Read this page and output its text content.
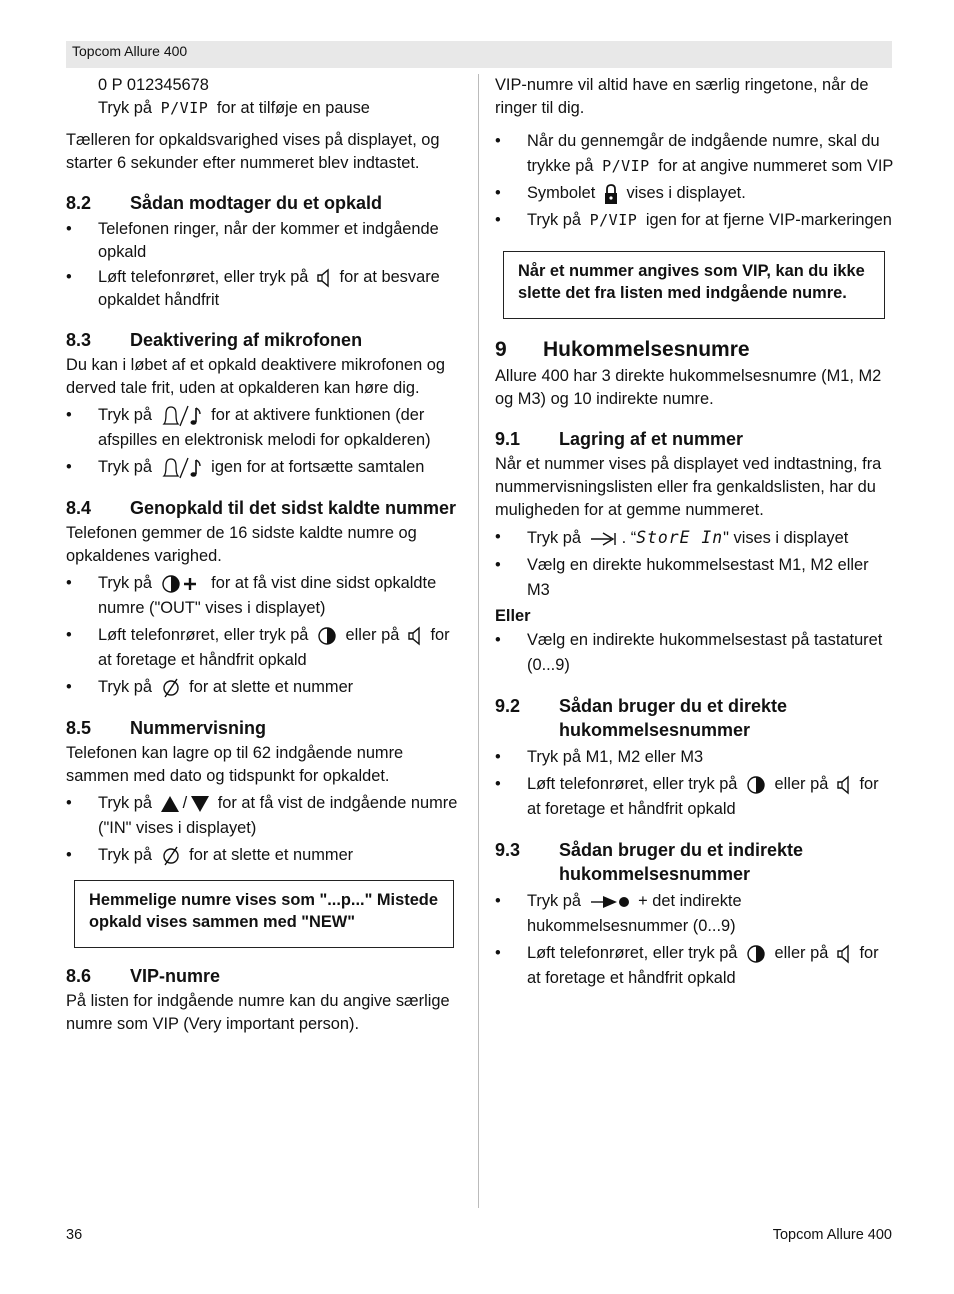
Topcom Allure 400

0 P 012345678

Tryk på P/VIP for at tilføje en pause

Tælleren for opkaldsvarighed vises på displayet, og starter 6 sekunder efter nummeret blev indtastet.

8.2	Sådan modtager du et opkald
• Telefonen ringer, når der kommer et indgående opkald
• Løft telefonrøret, eller tryk på for at besvare opkaldet håndfrit
8.3	Deaktivering af mikrofonen

Du kan i løbet af et opkald deaktivere mikrofonen og derved tale frit, uden at opkalderen kan høre dig.

• Tryk på	for at aktivere funktionen (der afspilles en elektronisk melodi for opkalderen)
• Tryk på	igen for at fortsætte samtalen
8.4	Genopkald til det sidst kaldte nummer

Telefonen gemmer de 16 sidste kaldte numre og opkaldenes varighed.

• Tryk på	for at få vist dine sidst opkaldte numre ("OUT" vises i displayet)
• Løft telefonrøret, eller tryk på eller på for at foretage et håndfrit opkald
• Tryk på for at slette et nummer
8.5	Nummervisning

Telefonen kan lagre op til 62 indgående numre sammen med dato og tidspunkt for opkaldet.

• Tryk på / for at få vist de indgående numre ("IN" vises i displayet)
• Tryk på for at slette et nummer
Hemmelige numre vises som "...p..." Mistede opkald vises sammen med "NEW"
8.6	VIP-numre

På listen for indgående numre kan du angive særlige numre som VIP (Very important person).

VIP-numre vil altid have en særlig ringetone, når de ringer til dig.

• Når du gennemgår de indgående numre, skal du trykke på P/VIP for at angive nummeret som VIP
• Symbolet vises i displayet.
• Tryk på P/VIP igen for at fjerne VIP-markeringen
Når et nummer angives som VIP, kan du ikke slette det fra listen med indgående numre.
9	Hukommelsesnumre

Allure 400 har 3 direkte hukommelsesnumre (M1, M2 og M3) og 10 indirekte numre.

9.1	Lagring af et nummer

Når et nummer vises på displayet ved indtastning, fra nummervisningslisten eller fra genkaldslisten, har du muligheden for at gemme nummeret.

• Tryk på . “StorE In" vises i displayet
• Vælg en direkte hukommelsestast M1, M2 eller M3

Eller

• Vælg en indirekte hukommelsestast på tastaturet (0...9)
9.2	Sådan bruger du et direkte hukommelsesnummer
• Tryk på M1, M2 eller M3
• Løft telefonrøret, eller tryk på eller på for at foretage et håndfrit opkald
9.3	Sådan bruger du et indirekte hukommelsesnummer
• Tryk på	+ det indirekte hukommelsesnummer (0...9)
• Løft telefonrøret, eller tryk på eller på for at foretage et håndfrit opkald
36	Topcom Allure 400
